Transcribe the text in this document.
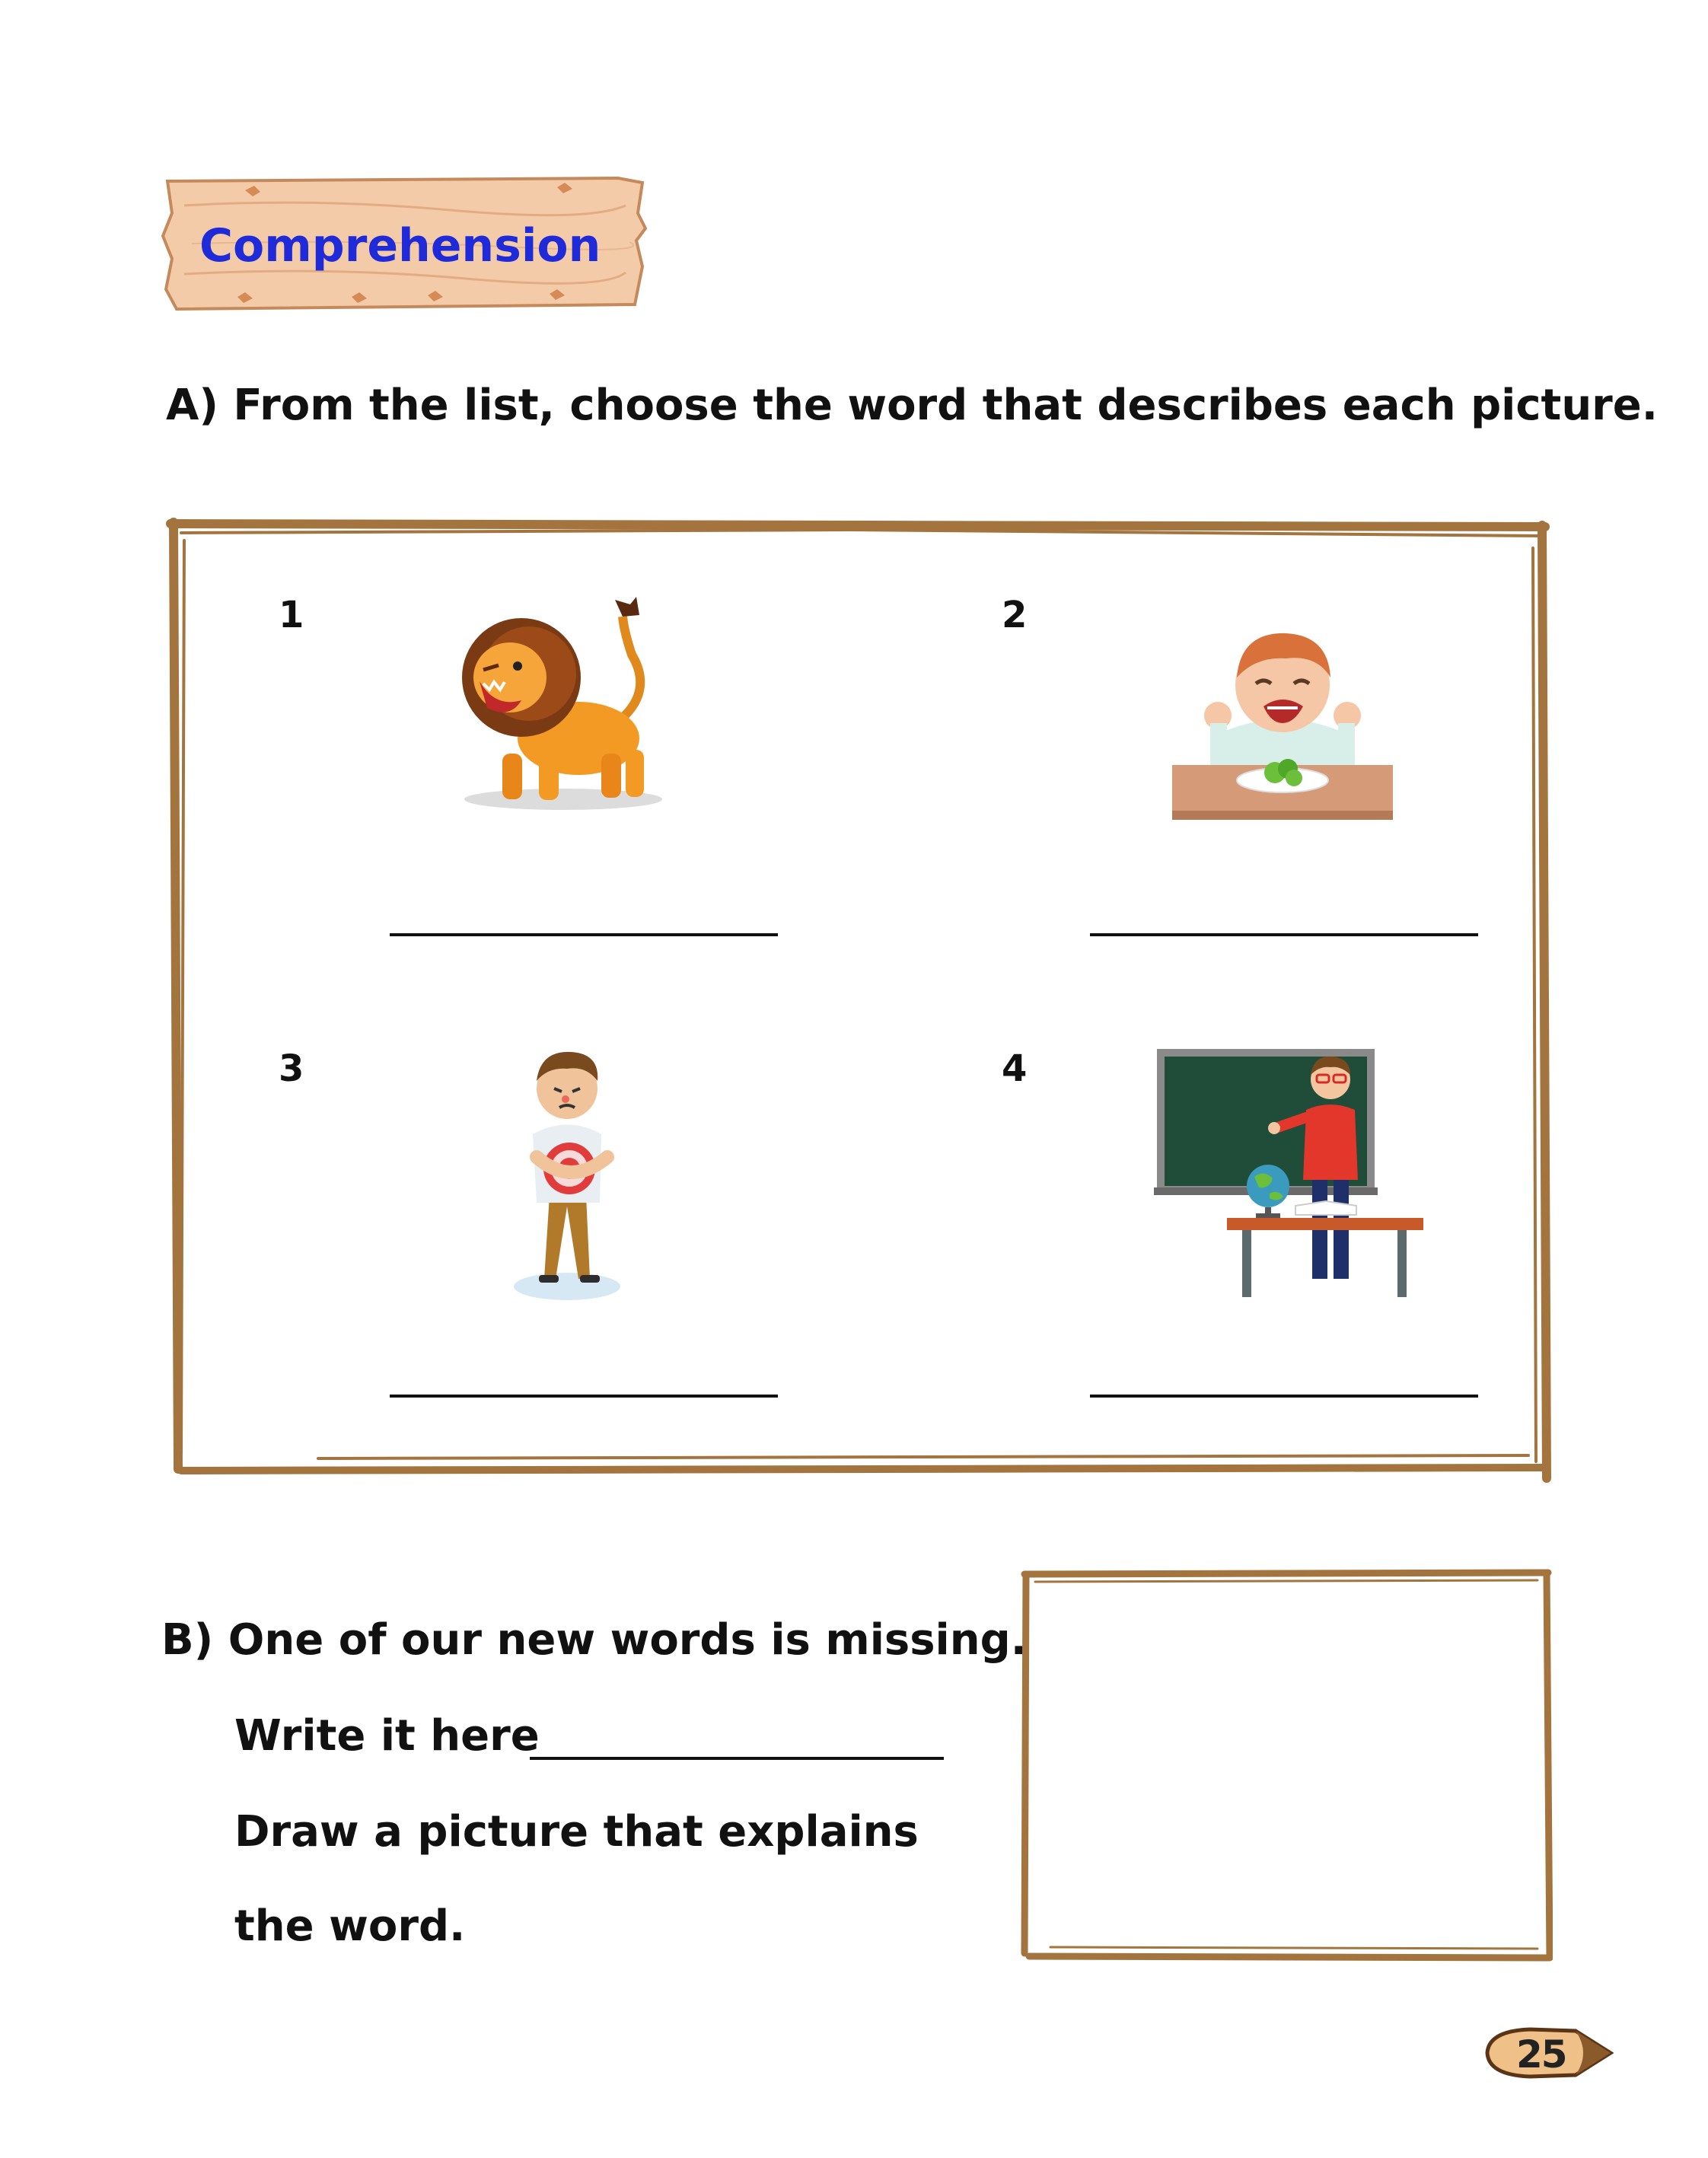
Comprehension
A) From the list, choose the word that describes each picture.
1	2
3	4
B) One of our new words is missing.
Write it here
Draw a picture that explains
the word.
25
